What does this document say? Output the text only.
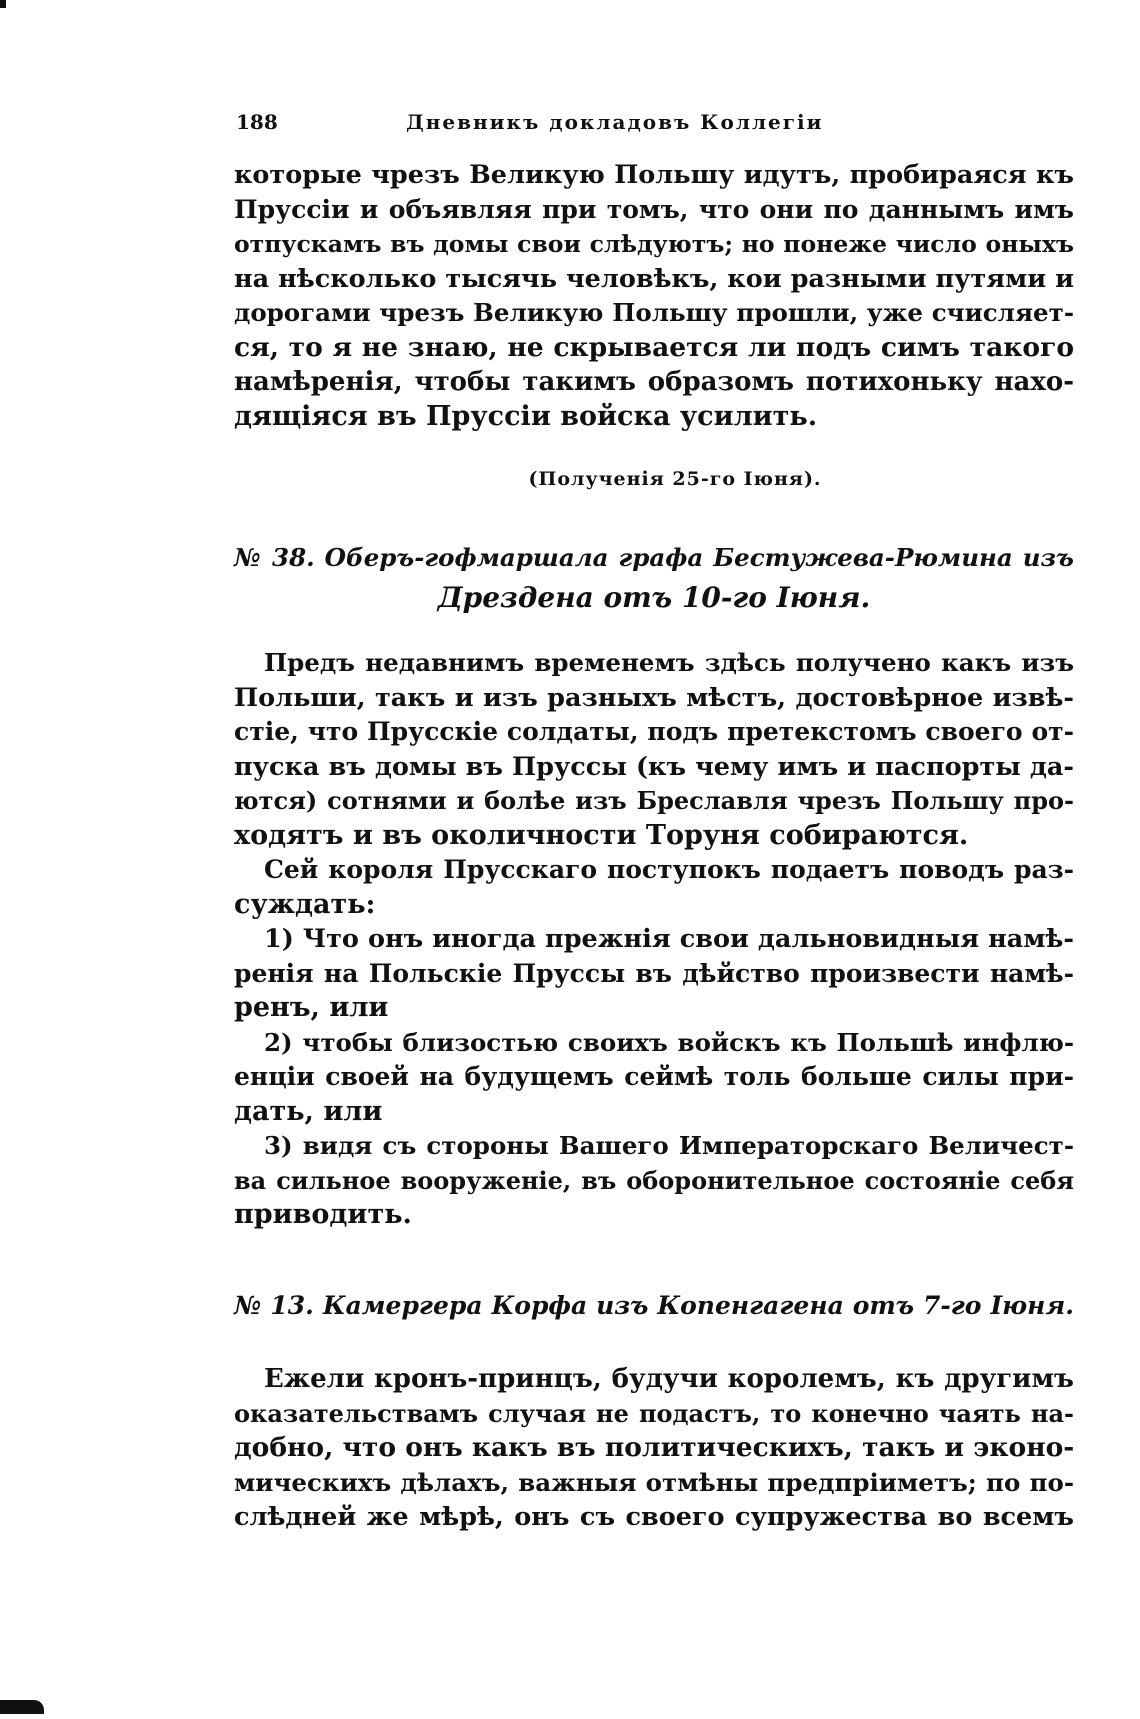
188	Дневникъ докладовъ Коллегіи
которые чрезъ Великую Польшу идутъ, пробираяся къ
Пруссіи и объявляя при томъ, что они по даннымъ имъ
отпускамъ въ домы свои слѣдуютъ; но понеже число оныхъ
на нѣсколько тысячь человѣкъ, кои разными путями и
дорогами чрезъ Великую Польшу прошли, уже счисляет-
ся, то я не знаю, не скрывается ли подъ симъ такого
намѣренія, чтобы такимъ образомъ потихоньку нахо-
дящіяся въ Пруссіи войска усилить.
(Полученія 25-го Іюня).
№ 38. Оберъ-гофмаршала графа Бестужева-Рюмина изъ
Дрездена отъ 10-го Іюня.
Предъ недавнимъ временемъ здѣсь получено какъ изъ
Польши, такъ и изъ разныхъ мѣстъ, достовѣрное извѣ-
стіе, что Прусскіе солдаты, подъ претекстомъ своего от-
пуска въ домы въ Пруссы (къ чему имъ и паспорты да-
ются) сотнями и болѣе изъ Бреславля чрезъ Польшу про-
ходятъ и въ околичности Торуня собираются.
Сей короля Прусскаго поступокъ подаетъ поводъ раз-
суждать:
1) Что онъ иногда прежнія свои дальновидныя намѣ-
ренія на Польскіе Пруссы въ дѣйство произвести намѣ-
ренъ, или
2) чтобы близостью своихъ войскъ къ Польшѣ инфлю-
енціи своей на будущемъ сеймѣ толь больше силы при-
дать, или
3) видя съ стороны Вашего Императорскаго Величест-
ва сильное вооруженіе, въ оборонительное состояніе себя
приводить.
№ 13. Камергера Корфа изъ Копенгагена отъ 7-го Іюня.
Ежели кронъ-принцъ, будучи королемъ, къ другимъ
оказательствамъ случая не подастъ, то конечно чаять на-
добно, что онъ какъ въ политическихъ, такъ и эконо-
мическихъ дѣлахъ, важныя отмѣны предпріиметъ; по по-
слѣдней же мѣрѣ, онъ съ своего супружества во всемъ
